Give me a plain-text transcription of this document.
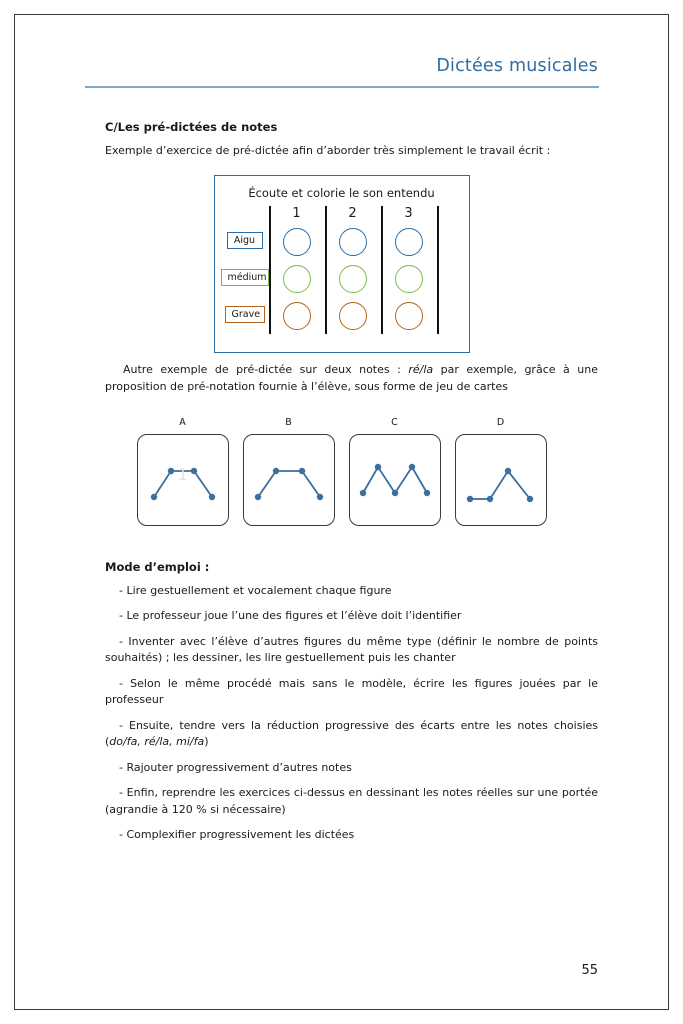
Dictées musicales
C/Les pré-dictées de notes
Exemple d’exercice de pré-dictée afin d’aborder très simplement le travail écrit :
Écoute et colorie le son entendu
1	2	3
Aigu
médium
Grave
Autre exemple de pré-dictée sur deux notes : ré/la par exemple, grâce à une proposition de pré-notation fournie à l’élève, sous forme de jeu de cartes
A
1
B	C	D
Mode d’emploi :
- Lire gestuellement et vocalement chaque figure
- Le professeur joue l’une des figures et l’élève doit l’identifier
- Inventer avec l’élève d’autres figures du même type (définir le nombre de points souhaités) ; les dessiner, les lire gestuellement puis les chanter
- Selon le même procédé mais sans le modèle, écrire les figures jouées par le professeur
- Ensuite, tendre vers la réduction progressive des écarts entre les notes choisies (do/fa, ré/la, mi/fa)
- Rajouter progressivement d’autres notes
- Enfin, reprendre les exercices ci-dessus en dessinant les notes réelles sur une portée (agrandie à 120 % si nécessaire)
- Complexifier progressivement les dictées
55
